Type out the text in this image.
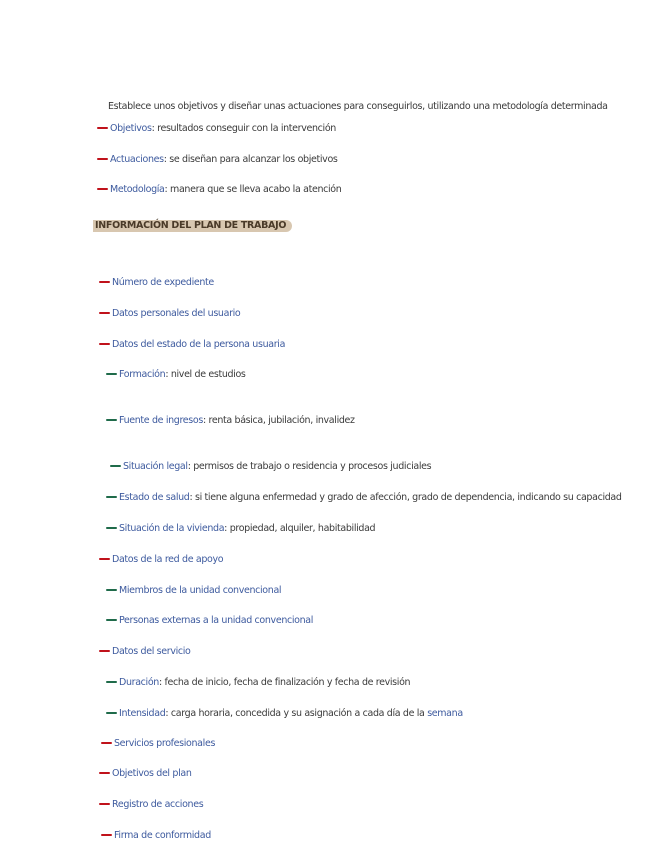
Establece unos objetivos y diseñar unas actuaciones para conseguirlos, utilizando una metodología determinada
Objetivos: resultados conseguir con la intervención
Actuaciones: se diseñan para alcanzar los objetivos
Metodología: manera que se lleva acabo la atención
INFORMACIÓN DEL PLAN DE TRABAJO
Número de expediente
Datos personales del usuario
Datos del estado de la persona usuaria
Formación: nivel de estudios
Fuente de ingresos: renta básica, jubilación, invalidez
Situación legal: permisos de trabajo o residencia y procesos judiciales
Estado de salud: si tiene alguna enfermedad y grado de afección, grado de dependencia, indicando su capacidad
Situación de la vivienda: propiedad, alquiler, habitabilidad
Datos de la red de apoyo
Miembros de la unidad convencional
Personas externas a la unidad convencional
Datos del servicio
Duración: fecha de inicio, fecha de finalización y fecha de revisión
Intensidad: carga horaria, concedida y su asignación a cada día de la semana
Servicios profesionales
Objetivos del plan
Registro de acciones
Firma de conformidad
